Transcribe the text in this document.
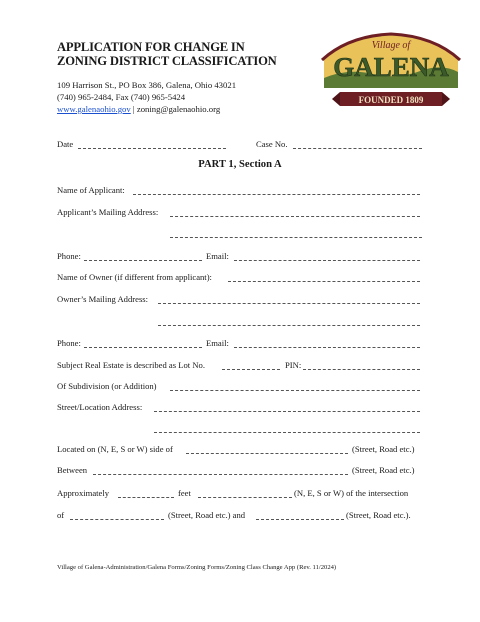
APPLICATION FOR CHANGE IN
ZONING DISTRICT CLASSIFICATION
109 Harrison St., PO Box 386, Galena, Ohio 43021
(740) 965-2484, Fax (740) 965-5424
www.galenaohio.gov | zoning@galenaohio.org
Village of
GALENA
FOUNDED 1809
Date	Case No.
PART 1, Section A
Name of Applicant:
Applicant’s Mailing Address:
Phone:	Email:
Name of Owner (if different from applicant):
Owner’s Mailing Address:
Phone:	Email:
Subject Real Estate is described as Lot No.	PIN:
Of Subdivision (or Addition)
Street/Location Address:
Located on (N, E, S or W) side of	(Street, Road etc.)
Between	(Street, Road etc.)
Approximately	feet	(N, E, S or W) of the intersection
of	(Street, Road etc.) and	(Street, Road etc.).
Village of Galena-Administration/Galena Forms/Zoning Forms/Zoning Class Change App (Rev. 11/2024)
